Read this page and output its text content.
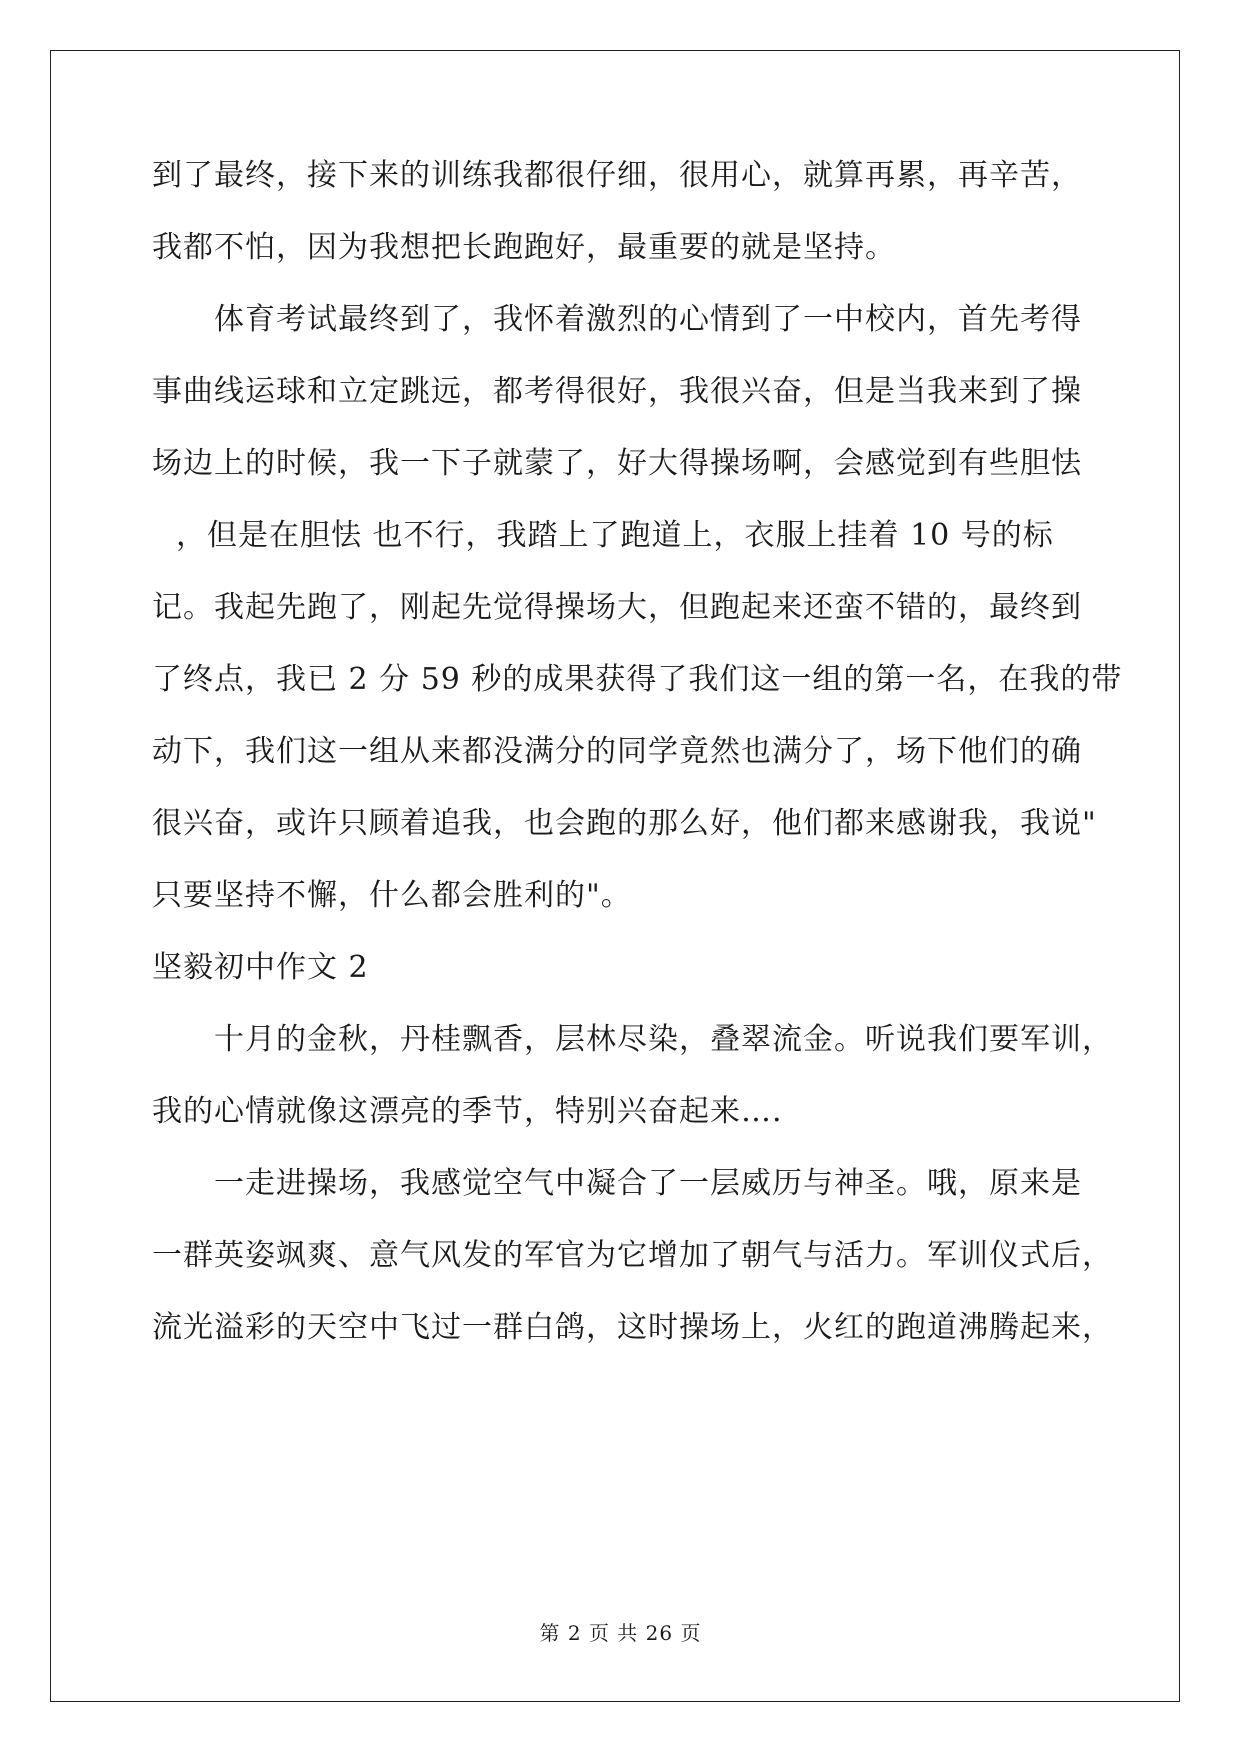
到了最终，接下来的训练我都很仔细，很用心，就算再累，再辛苦，
我都不怕，因为我想把长跑跑好，最重要的就是坚持。
体育考试最终到了，我怀着激烈的心情到了一中校内，首先考得
事曲线运球和立定跳远，都考得很好，我很兴奋，但是当我来到了操
场边上的时候，我一下子就蒙了，好大得操场啊，会感觉到有些胆怯
，但是在胆怯 也不行，我踏上了跑道上，衣服上挂着 10 号的标
记。我起先跑了，刚起先觉得操场大，但跑起来还蛮不错的，最终到
了终点，我已 2 分 59 秒的成果获得了我们这一组的第一名，在我的带
动下，我们这一组从来都没满分的同学竟然也满分了，场下他们的确
很兴奋，或许只顾着追我，也会跑的那么好，他们都来感谢我，我说"
只要坚持不懈，什么都会胜利的"。
坚毅初中作文 2
十月的金秋，丹桂飘香，层林尽染，叠翠流金。听说我们要军训，
我的心情就像这漂亮的季节，特别兴奋起来….
一走进操场，我感觉空气中凝合了一层威历与神圣。哦，原来是
一群英姿飒爽、意气风发的军官为它增加了朝气与活力。军训仪式后，
流光溢彩的天空中飞过一群白鸽，这时操场上，火红的跑道沸腾起来，
第 2 页 共 26 页
